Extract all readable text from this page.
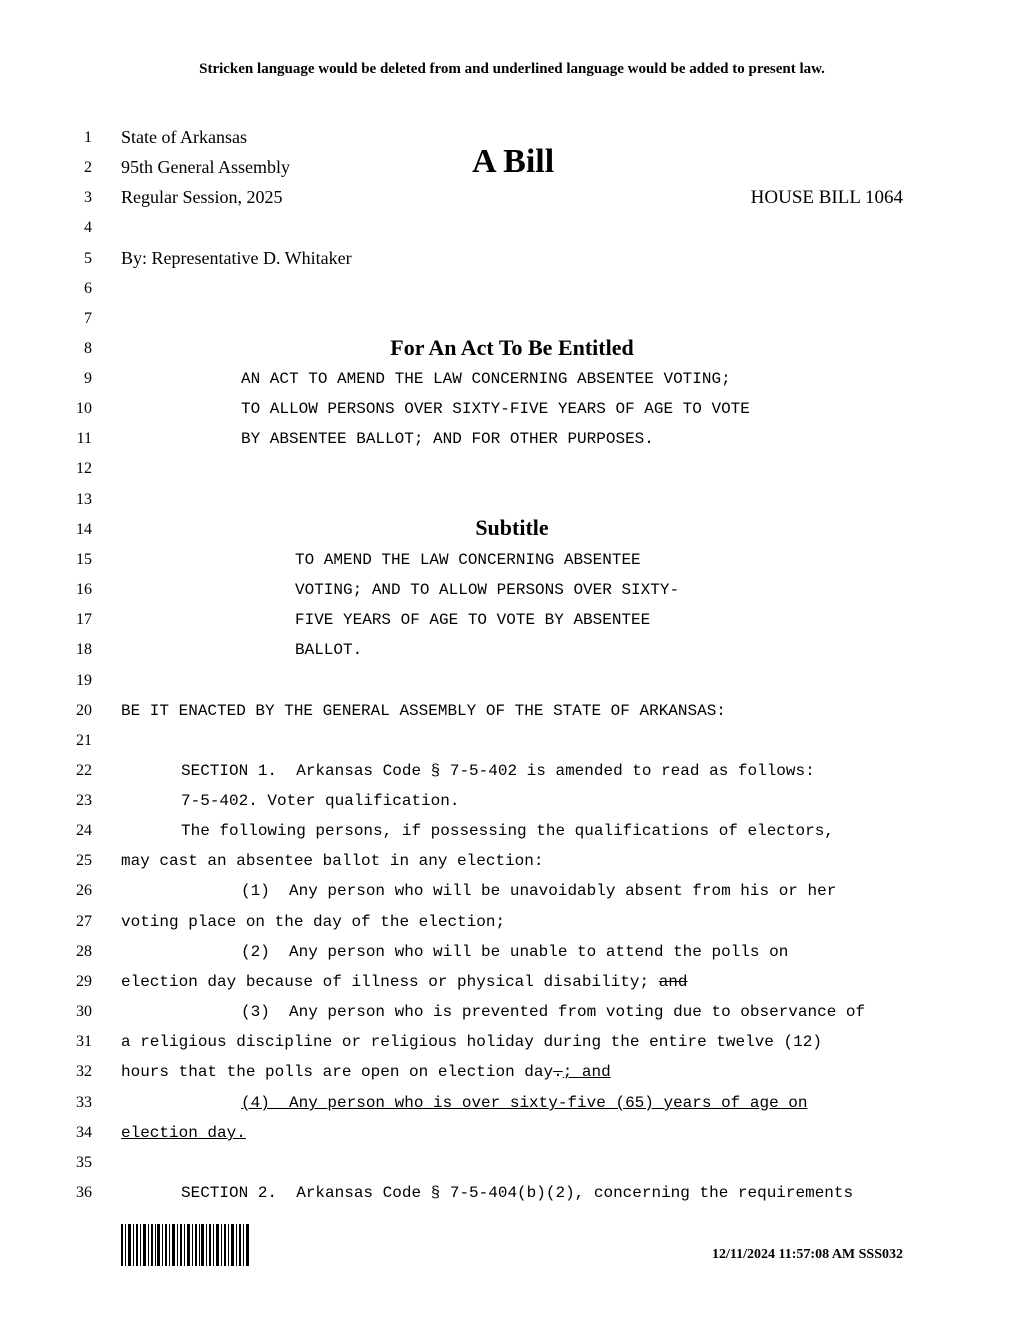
Stricken language would be deleted from and underlined language would be added to present law.
1
2
3
4
5
6
7
8
9
10
11
12
13
14
15
16
17
18
19
20
21
22
23
24
25
26
27
28
29
30
31
32
33
34
35
36
State of Arkansas
95th General Assembly
Regular Session, 2025
A Bill
HOUSE BILL 1064
By: Representative D. Whitaker
For An Act To Be Entitled
AN ACT TO AMEND THE LAW CONCERNING ABSENTEE VOTING;
TO ALLOW PERSONS OVER SIXTY-FIVE YEARS OF AGE TO VOTE
BY ABSENTEE BALLOT; AND FOR OTHER PURPOSES.
Subtitle
TO AMEND THE LAW CONCERNING ABSENTEE
VOTING; AND TO ALLOW PERSONS OVER SIXTY-
FIVE YEARS OF AGE TO VOTE BY ABSENTEE
BALLOT.
BE IT ENACTED BY THE GENERAL ASSEMBLY OF THE STATE OF ARKANSAS:
SECTION 1.  Arkansas Code § 7-5-402 is amended to read as follows:
7-5-402. Voter qualification.
The following persons, if possessing the qualifications of electors,
may cast an absentee ballot in any election:
(1)  Any person who will be unavoidably absent from his or her
voting place on the day of the election;
(2)  Any person who will be unable to attend the polls on
election day because of illness or physical disability; and
(3)  Any person who is prevented from voting due to observance of
a religious discipline or religious holiday during the entire twelve (12)
hours that the polls are open on election day.; and
(4)  Any person who is over sixty-five (65) years of age on
election day.
SECTION 2.  Arkansas Code § 7-5-404(b)(2), concerning the requirements
12/11/2024 11:57:08 AM SSS032
